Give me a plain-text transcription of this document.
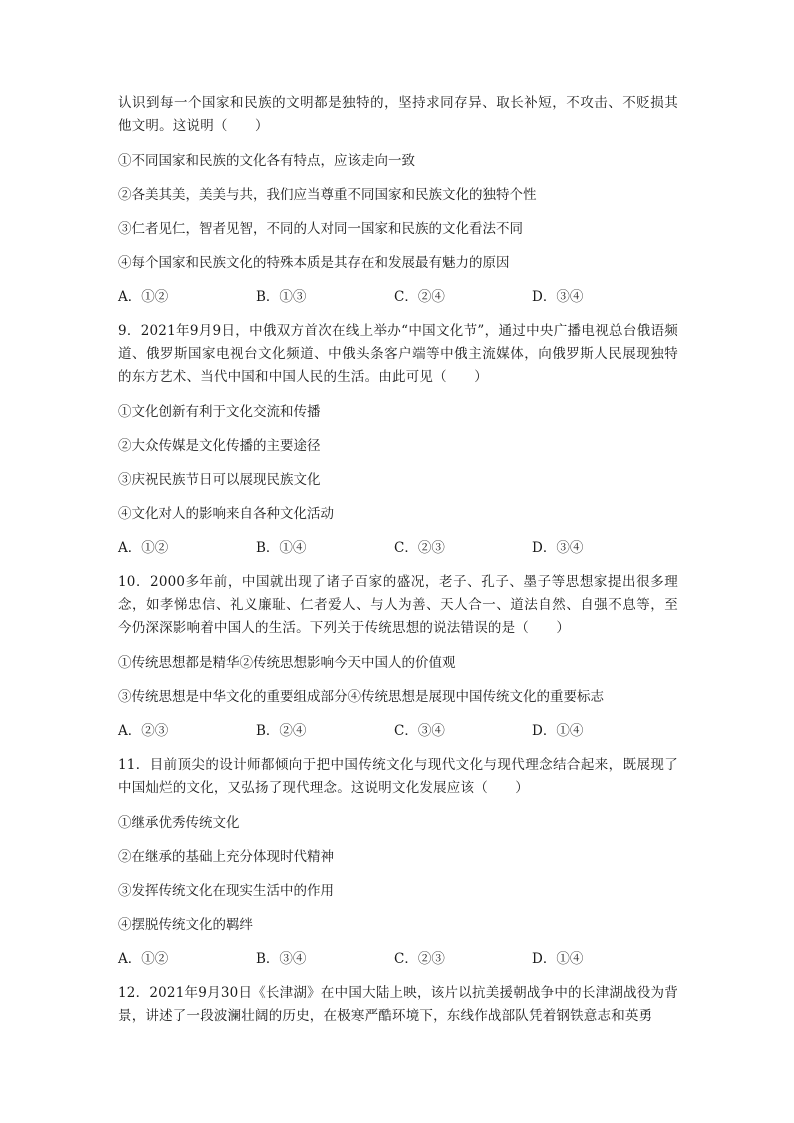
认识到每一个国家和民族的文明都是独特的，坚持求同存异、取长补短，不攻击、不贬损其他文明。这说明（　　）

①不同国家和民族的文化各有特点，应该走向一致
②各美其美，美美与共，我们应当尊重不同国家和民族文化的独特个性
③仁者见仁，智者见智，不同的人对同一国家和民族的文化看法不同
④每个国家和民族文化的特殊本质是其存在和发展最有魅力的原因
A．①②	B．①③	C．②④	D．③④

9．2021年9月9日，中俄双方首次在线上举办“中国文化节”，通过中央广播电视总台俄语频道、俄罗斯国家电视台文化频道、中俄头条客户端等中俄主流媒体，向俄罗斯人民展现独特的东方艺术、当代中国和中国人民的生活。由此可见（　　）

①文化创新有利于文化交流和传播
②大众传媒是文化传播的主要途径
③庆祝民族节日可以展现民族文化
④文化对人的影响来自各种文化活动
A．①②	B．①④	C．②③	D．③④

10．2000多年前，中国就出现了诸子百家的盛况，老子、孔子、墨子等思想家提出很多理念，如孝悌忠信、礼义廉耻、仁者爱人、与人为善、天人合一、道法自然、自强不息等，至今仍深深影响着中国人的生活。下列关于传统思想的说法错误的是（　　）

①传统思想都是精华②传统思想影响今天中国人的价值观
③传统思想是中华文化的重要组成部分④传统思想是展现中国传统文化的重要标志
A．②③	B．②④	C．③④	D．①④

11．目前顶尖的设计师都倾向于把中国传统文化与现代文化与现代理念结合起来，既展现了中国灿烂的文化，又弘扬了现代理念。这说明文化发展应该（　　）

①继承优秀传统文化
②在继承的基础上充分体现时代精神
③发挥传统文化在现实生活中的作用
④摆脱传统文化的羁绊
A．①②	B．③④	C．②③	D．①④

12．2021年9月30日《长津湖》在中国大陆上映，该片以抗美援朝战争中的长津湖战役为背景，讲述了一段波澜壮阔的历史，在极寒严酷环境下，东线作战部队凭着钢铁意志和英勇
